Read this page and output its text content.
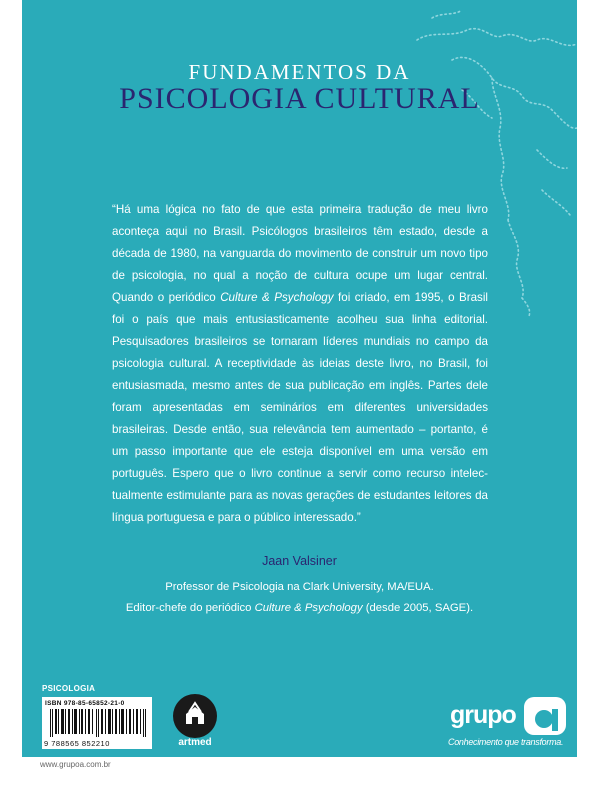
FUNDAMENTOS DA
PSICOLOGIA CULTURAL
“Há uma lógica no fato de que esta primeira tradução de meu livro aconteça aqui no Brasil. Psicólogos brasileiros têm estado, desde a década de 1980, na vanguarda do movimento de construir um novo tipo de psicologia, no qual a noção de cultura ocupe um lugar central. Quando o periódico Culture & Psychology foi criado, em 1995, o Brasil foi o país que mais entusiasticamente acolheu sua linha editorial. Pesquisadores brasileiros se tornaram líderes mundiais no campo da psicologia cultural. A receptividade às ideias deste livro, no Brasil, foi entusiasmada, mesmo antes de sua publicação em inglês. Partes dele foram apresentadas em seminários em diferentes universidades brasileiras. Desde então, sua relevância tem aumentado – portanto, é um passo importante que ele esteja disponível em uma versão em português. Espero que o livro continue a servir como recurso intelectualmente estimulante para as novas gerações de estudantes leitores da língua portuguesa e para o público interessado.”
Jaan Valsiner
Professor de Psicologia na Clark University, MA/EUA.
Editor-chefe do periódico Culture & Psychology (desde 2005, SAGE).
PSICOLOGIA
ISBN 978-85-65852-21-0
9 788565 852210	artmed
grupo
Conhecimento que transforma.
www.grupoa.com.br
